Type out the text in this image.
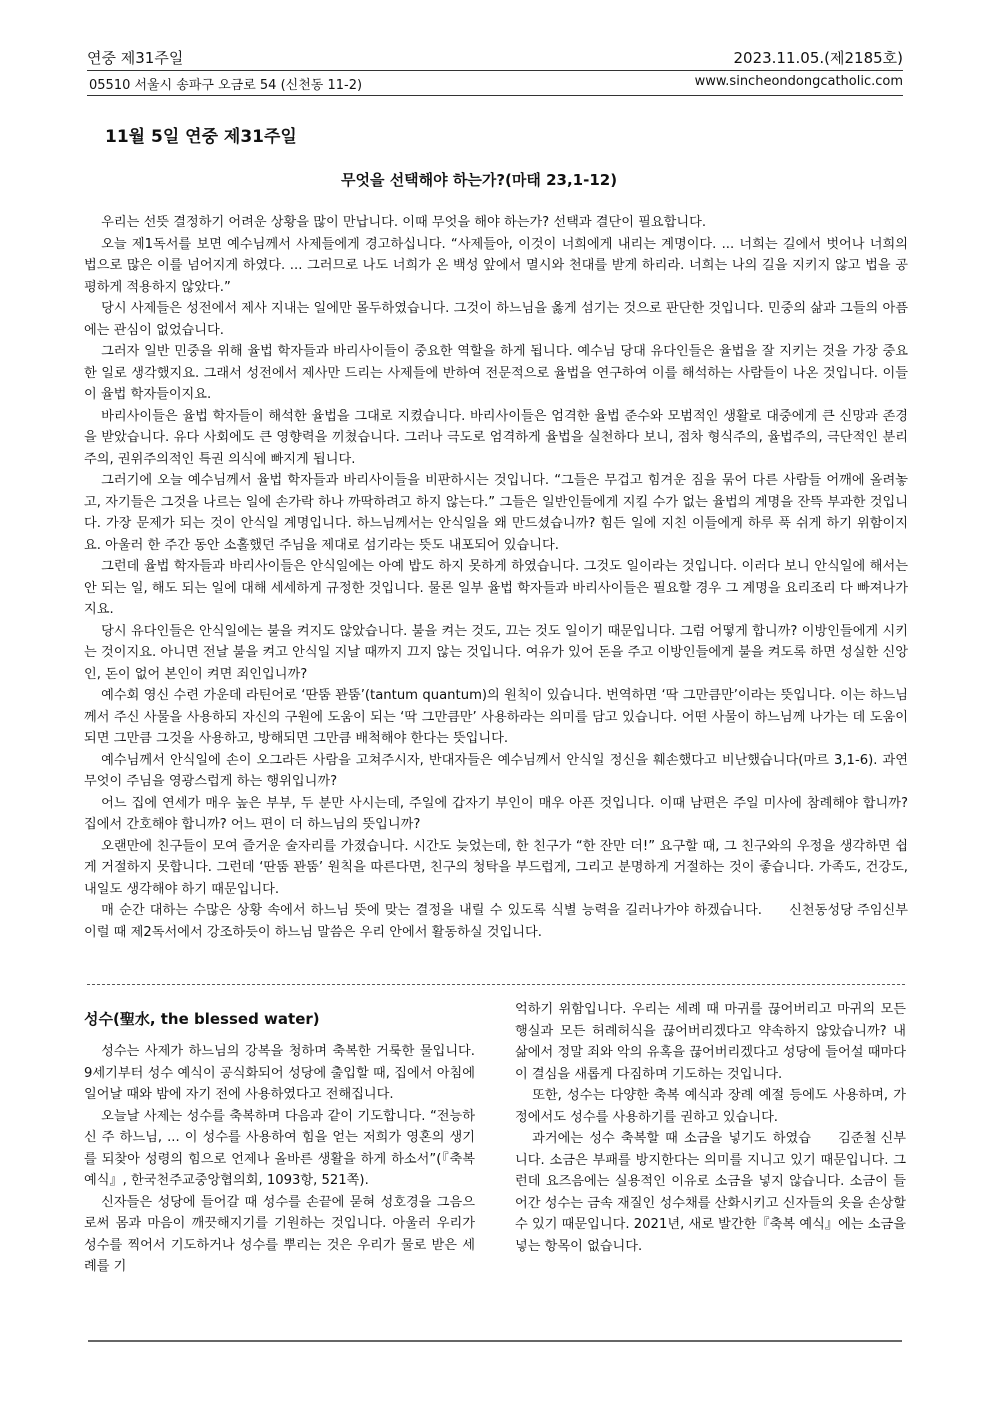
연중 제31주일	2023.11.05.(제2185호)
05510 서울시 송파구 오금로 54 (신천동 11-2)	www.sincheondongcatholic.com
11월 5일 연중 제31주일
무엇을 선택해야 하는가?(마태 23,1-12)

우리는 선뜻 결정하기 어려운 상황을 많이 만납니다. 이때 무엇을 해야 하는가? 선택과 결단이 필요합니다.

오늘 제1독서를 보면 예수님께서 사제들에게 경고하십니다. “사제들아, 이것이 너희에게 내리는 계명이다. ... 너희는 길에서 벗어나 너희의 법으로 많은 이를 넘어지게 하였다. ... 그러므로 나도 너희가 온 백성 앞에서 멸시와 천대를 받게 하리라. 너희는 나의 길을 지키지 않고 법을 공평하게 적용하지 않았다.”

당시 사제들은 성전에서 제사 지내는 일에만 몰두하였습니다. 그것이 하느님을 옳게 섬기는 것으로 판단한 것입니다. 민중의 삶과 그들의 아픔에는 관심이 없었습니다.

그러자 일반 민중을 위해 율법 학자들과 바리사이들이 중요한 역할을 하게 됩니다. 예수님 당대 유다인들은 율법을 잘 지키는 것을 가장 중요한 일로 생각했지요. 그래서 성전에서 제사만 드리는 사제들에 반하여 전문적으로 율법을 연구하여 이를 해석하는 사람들이 나온 것입니다. 이들이 율법 학자들이지요.

바리사이들은 율법 학자들이 해석한 율법을 그대로 지켰습니다. 바리사이들은 엄격한 율법 준수와 모범적인 생활로 대중에게 큰 신망과 존경을 받았습니다. 유다 사회에도 큰 영향력을 끼쳤습니다. 그러나 극도로 엄격하게 율법을 실천하다 보니, 점차 형식주의, 율법주의, 극단적인 분리주의, 권위주의적인 특권 의식에 빠지게 됩니다.

그러기에 오늘 예수님께서 율법 학자들과 바리사이들을 비판하시는 것입니다. “그들은 무겁고 힘겨운 짐을 묶어 다른 사람들 어깨에 올려놓고, 자기들은 그것을 나르는 일에 손가락 하나 까딱하려고 하지 않는다.” 그들은 일반인들에게 지킬 수가 없는 율법의 계명을 잔뜩 부과한 것입니다. 가장 문제가 되는 것이 안식일 계명입니다. 하느님께서는 안식일을 왜 만드셨습니까? 힘든 일에 지친 이들에게 하루 푹 쉬게 하기 위함이지요. 아울러 한 주간 동안 소홀했던 주님을 제대로 섬기라는 뜻도 내포되어 있습니다.

그런데 율법 학자들과 바리사이들은 안식일에는 아예 밥도 하지 못하게 하였습니다. 그것도 일이라는 것입니다. 이러다 보니 안식일에 해서는 안 되는 일, 해도 되는 일에 대해 세세하게 규정한 것입니다. 물론 일부 율법 학자들과 바리사이들은 필요할 경우 그 계명을 요리조리 다 빠져나가지요.

당시 유다인들은 안식일에는 불을 켜지도 않았습니다. 불을 켜는 것도, 끄는 것도 일이기 때문입니다. 그럼 어떻게 합니까? 이방인들에게 시키는 것이지요. 아니면 전날 불을 켜고 안식일 지날 때까지 끄지 않는 것입니다. 여유가 있어 돈을 주고 이방인들에게 불을 켜도록 하면 성실한 신앙인, 돈이 없어 본인이 켜면 죄인입니까?

예수회 영신 수련 가운데 라틴어로 ‘딴뚬 꽌뚬’(tantum quantum)의 원칙이 있습니다. 번역하면 ‘딱 그만큼만’이라는 뜻입니다. 이는 하느님께서 주신 사물을 사용하되 자신의 구원에 도움이 되는 ‘딱 그만큼만’ 사용하라는 의미를 담고 있습니다. 어떤 사물이 하느님께 나가는 데 도움이 되면 그만큼 그것을 사용하고, 방해되면 그만큼 배척해야 한다는 뜻입니다.

예수님께서 안식일에 손이 오그라든 사람을 고쳐주시자, 반대자들은 예수님께서 안식일 정신을 훼손했다고 비난했습니다(마르 3,1-6). 과연 무엇이 주님을 영광스럽게 하는 행위입니까?

어느 집에 연세가 매우 높은 부부, 두 분만 사시는데, 주일에 갑자기 부인이 매우 아픈 것입니다. 이때 남편은 주일 미사에 참례해야 합니까? 집에서 간호해야 합니까? 어느 편이 더 하느님의 뜻입니까?

오랜만에 친구들이 모여 즐거운 술자리를 가졌습니다. 시간도 늦었는데, 한 친구가 “한 잔만 더!” 요구할 때, 그 친구와의 우정을 생각하면 쉽게 거절하지 못합니다. 그런데 ‘딴뚬 꽌뚬’ 원칙을 따른다면, 친구의 청탁을 부드럽게, 그리고 분명하게 거절하는 것이 좋습니다. 가족도, 건강도, 내일도 생각해야 하기 때문입니다.

신천동성당 주임신부
매 순간 대하는 수많은 상황 속에서 하느님 뜻에 맞는 결정을 내릴 수 있도록 식별 능력을 길러나가야 하겠습니다. 이럴 때 제2독서에서 강조하듯이 하느님 말씀은 우리 안에서 활동하실 것입니다.

성수(聖水, the blessed water)

성수는 사제가 하느님의 강복을 청하며 축복한 거룩한 물입니다. 9세기부터 성수 예식이 공식화되어 성당에 출입할 때, 집에서 아침에 일어날 때와 밤에 자기 전에 사용하였다고 전해집니다.

오늘날 사제는 성수를 축복하며 다음과 같이 기도합니다. “전능하신 주 하느님, ... 이 성수를 사용하여 힘을 얻는 저희가 영혼의 생기를 되찾아 성령의 힘으로 언제나 올바른 생활을 하게 하소서”(『축복 예식』, 한국천주교중앙협의회, 1093항, 521쪽).

신자들은 성당에 들어갈 때 성수를 손끝에 묻혀 성호경을 그음으로써 몸과 마음이 깨끗해지기를 기원하는 것입니다. 아울러 우리가 성수를 찍어서 기도하거나 성수를 뿌리는 것은 우리가 물로 받은 세례를 기

억하기 위함입니다. 우리는 세례 때 마귀를 끊어버리고 마귀의 모든 행실과 모든 허례허식을 끊어버리겠다고 약속하지 않았습니까? 내 삶에서 정말 죄와 악의 유혹을 끊어버리겠다고 성당에 들어설 때마다 이 결심을 새롭게 다짐하며 기도하는 것입니다.

또한, 성수는 다양한 축복 예식과 장례 예절 등에도 사용하며, 가정에서도 성수를 사용하기를 권하고 있습니다.

김준철 신부
과거에는 성수 축복할 때 소금을 넣기도 하였습니다. 소금은 부패를 방지한다는 의미를 지니고 있기 때문입니다. 그런데 요즈음에는 실용적인 이유로 소금을 넣지 않습니다. 소금이 들어간 성수는 금속 재질인 성수채를 산화시키고 신자들의 옷을 손상할 수 있기 때문입니다. 2021년, 새로 발간한『축복 예식』에는 소금을 넣는 항목이 없습니다.
